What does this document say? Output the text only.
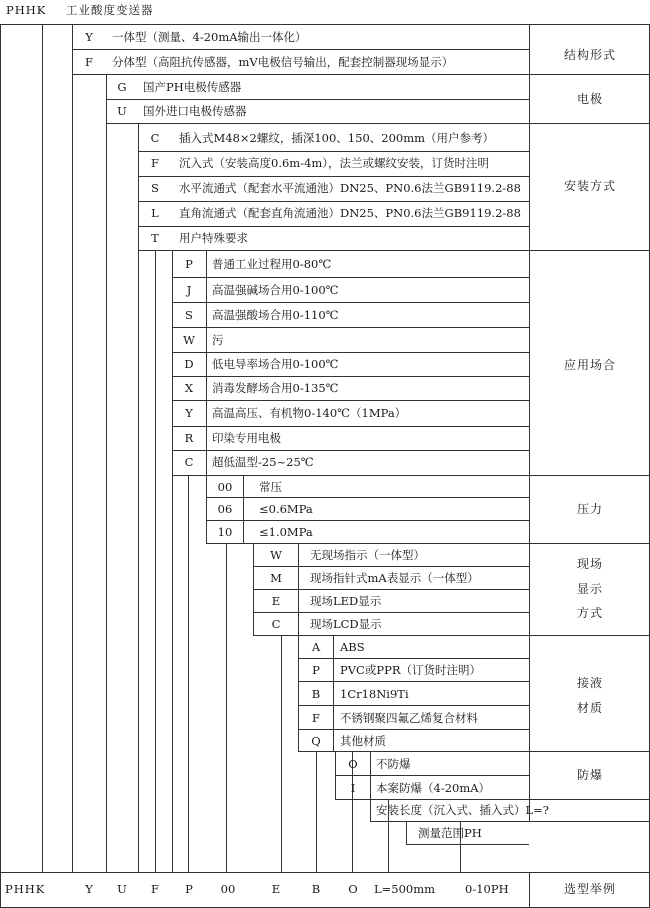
PHHK 工业酸度变送器
Y	一体型（测量、4-20mA输出一体化）
F	分体型（高阻抗传感器，mV电极信号输出，配套控制器现场显示）	结构形式
G	国产PH电极传感器
U	国外进口电极传感器
电极
C	插入式M48×2螺纹，插深100、150、200mm（用户参考）
F	沉入式（安装高度0.6m-4m），法兰或螺纹安装，订货时注明
S	水平流通式（配套水平流通池）DN25、PN0.6法兰GB9119.2-88
L	直角流通式（配套直角流通池）DN25、PN0.6法兰GB9119.2-88
T	用户特殊要求
安装方式
P	普通工业过程用0-80℃
J	高温强碱场合用0-100℃
S	高温强酸场合用0-110℃
W	污
D	低电导率场合用0-100℃
X	消毒发酵场合用0-135℃
Y	高温高压、有机物0-140℃（1MPa）
R	印染专用电极
C	超低温型-25~25℃
应用场合
00 常压
06 ≤0.6MPa
10 ≤1.0MPa
压力
W	无现场指示（一体型）
M	现场指针式mA表显示（一体型）
E	现场LED显示
C	现场LCD显示
现场
显示
方式
A	ABS
P	PVC或PPR（订货时注明）
B	1Cr18Ni9Ti
F	不锈钢聚四氟乙烯复合材料
Q	其他材质
接液
材质
O	不防爆
I	本案防爆（4-20mA）
防爆
安装长度（沉入式、插入式）L=?
测量范围PH
PHHK	Y	U	F	P	00	E	B	O	L=500mm	0-10PH	选型举例
